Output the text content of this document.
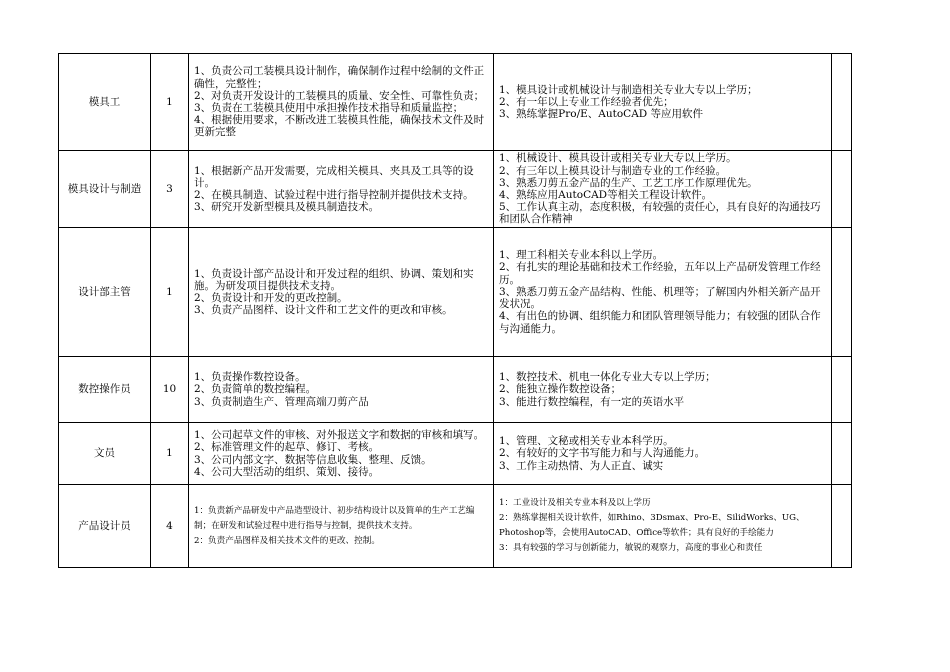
模具工	1	1、负责公司工装模具设计制作，确保制作过程中绘制的文件正确性，完整性；
2、对负责开发设计的工装模具的质量、安全性、可靠性负责；
3、负责在工装模具使用中承担操作技术指导和质量监控；
4、根据使用要求，不断改进工装模具性能，确保技术文件及时更新完整	1、模具设计或机械设计与制造相关专业大专以上学历；
2、有一年以上专业工作经验者优先；
3、熟练掌握Pro/E、AutoCAD 等应用软件	

模具设计与制造	3	1、根据新产品开发需要，完成相关模具、夹具及工具等的设计。
2、在模具制造、试验过程中进行指导控制并提供技术支持。
3、研究开发新型模具及模具制造技术。	1、机械设计、模具设计或相关专业大专以上学历。
2、有三年以上模具设计与制造专业的工作经验。
3、熟悉刀剪五金产品的生产、工艺工序工作原理优先。
4、熟练应用AutoCAD等相关工程设计软件。
5、工作认真主动，态度积极，有较强的责任心，具有良好的沟通技巧和团队合作精神	

设计部主管	1	1、负责设计部产品设计和开发过程的组织、协调、策划和实施。为研发项目提供技术支持。
2、负责设计和开发的更改控制。
3、负责产品图样、设计文件和工艺文件的更改和审核。	1、理工科相关专业本科以上学历。
2、有扎实的理论基础和技术工作经验，五年以上产品研发管理工作经历。
3、熟悉刀剪五金产品结构、性能、机理等；了解国内外相关新产品开发状况。
4、有出色的协调、组织能力和团队管理领导能力；有较强的团队合作与沟通能力。	

数控操作员	10	1、负责操作数控设备。
2、负责简单的数控编程。
3、负责制造生产、管理高端刀剪产品	1、数控技术、机电一体化专业大专以上学历；
2、能独立操作数控设备；
3、能进行数控编程，有一定的英语水平	

文员	1	1、公司起草文件的审核、对外报送文字和数据的审核和填写。
2、标准管理文件的起草、修订、考核。
3、公司内部文字、数据等信息收集、整理、反馈。
4、公司大型活动的组织、策划、接待。	1、管理、文秘或相关专业本科学历。
2、有较好的文字书写能力和与人沟通能力。
3、工作主动热情、为人正直、诚实	

产品设计员	4	1：负责新产品研发中产品造型设计、初步结构设计以及简单的生产工艺编制；在研发和试验过程中进行指导与控制，提供技术支持。
2：负责产品图样及相关技术文件的更改、控制。	1：工业设计及相关专业本科及以上学历
2：熟练掌握相关设计软件，如Rhino、3Dsmax、Pro-E、SilidWorks、UG、Photoshop等，会使用AutoCAD、Office等软件；具有良好的手绘能力
3：具有较强的学习与创新能力，敏锐的观察力，高度的事业心和责任	
